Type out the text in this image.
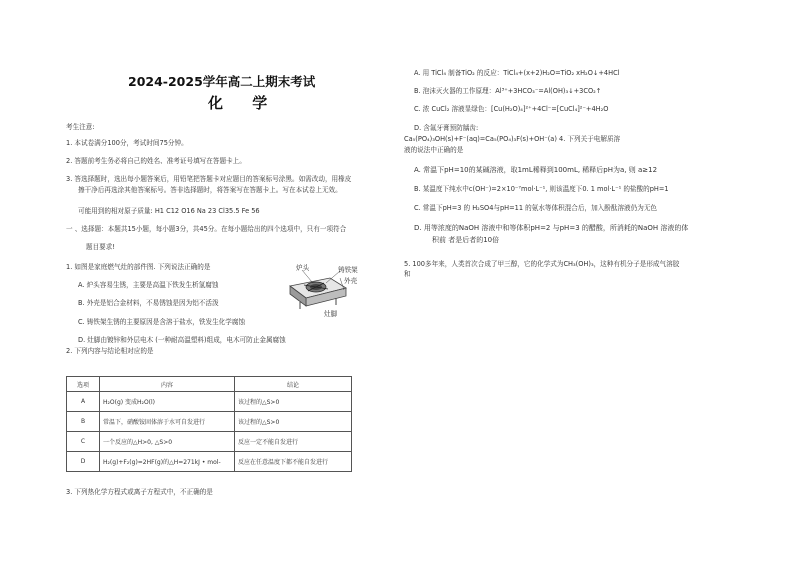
2024-2025学年高二上期末考试
化 学
考生注意:
1. 本试卷满分100分，考试时间75分钟。
2. 答题前考生务必将自己的姓名、准考证号填写在答题卡上。
3. 答选择题时，选出每小题答案后，用铅笔把答题卡对应题目的答案标号涂黑。如需改动，用橡皮
擦干净后再选涂其他答案标号。答非选择题时，将答案写在答题卡上。写在本试卷上无效。
可能用到的相对原子质量: H1 C12 O16 Na 23 Cl35.5 Fe 56
一 、选择题：本题共15小题，每小题3分，共45分。在每小题给出的四个选项中，只有一项符合
题目要求!
1. 如图是家庭燃气灶的部件图. 下列说法正确的是
A. 炉头容易生锈，主要是高温下铁发生析氢腐蚀
B. 外壳是铝合金材料，不易锈蚀是因为铝不活泼
C. 铸铁架生锈的主要原因是含溶于盐水，铁发生化学腐蚀
D. 灶脚由镀锌和外层电木 (一种耐高温塑料)组成，电木可防止金属腐蚀
炉头	铸铁架
外壳
灶脚
2. 下列内容与结论相对应的是
选项	内容	结论
A	H₂O(g) 变成H₂O(l)	该过程的△S>0
B	常温下，硝酸铵固体溶于水可自发进行	该过程的△S>0
C	一个反应的△H>0, △S>0	反应一定不能自发进行
D	H₂(g)+F₂(g)=2HF(g)的△H=271kJ • mol-	反应在任意温度下都不能自发进行
3. 下列热化学方程式或离子方程式中，不正确的是
A. 用 TiCl₄ 制备TiO₂ 的反应：TiCl₄+(x+2)H₂O=TiO₂ xH₂O↓+4HCl
B. 泡沫灭火器的工作原理：Al³⁺+3HCO₃⁻=Al(OH)₃↓+3CO₂↑
C. 浓 CuCl₂ 溶液显绿色：[Cu(H₂O)₄]²⁺+4Cl⁻=[CuCl₄]²⁻+4H₂O
D. 含氟牙膏预防龋齿:
Ca₅(PO₄)₃OH(s)+F⁻(aq)=Ca₅(PO₄)₃F(s)+OH⁻(a) 4. 下列关于电解质溶
液的说法中正确的是
A. 常温下pH=10的某碱溶液，取1mL稀释到100mL, 稀释后pH为a, 则 a≥12
B. 某温度下纯水中c(OH⁻)=2×10⁻⁷mol·L⁻¹, 则该温度下0. 1 mol·L⁻¹ 的盐酸的pH=1
C. 常温下pH=3 的 H₂SO4与pH=11 的氨水等体积混合后，加入酚酞溶液仍为无色
D. 用等浓度的NaOH 溶液中和等体积pH=2 与pH=3 的醋酸，所消耗的NaOH 溶液的体
积前 者是后者的10倍
5. 100多年来，人类首次合成了甲三醇，它的化学式为CH₃(OH)₃，这种有机分子是形成气溶胶
和
